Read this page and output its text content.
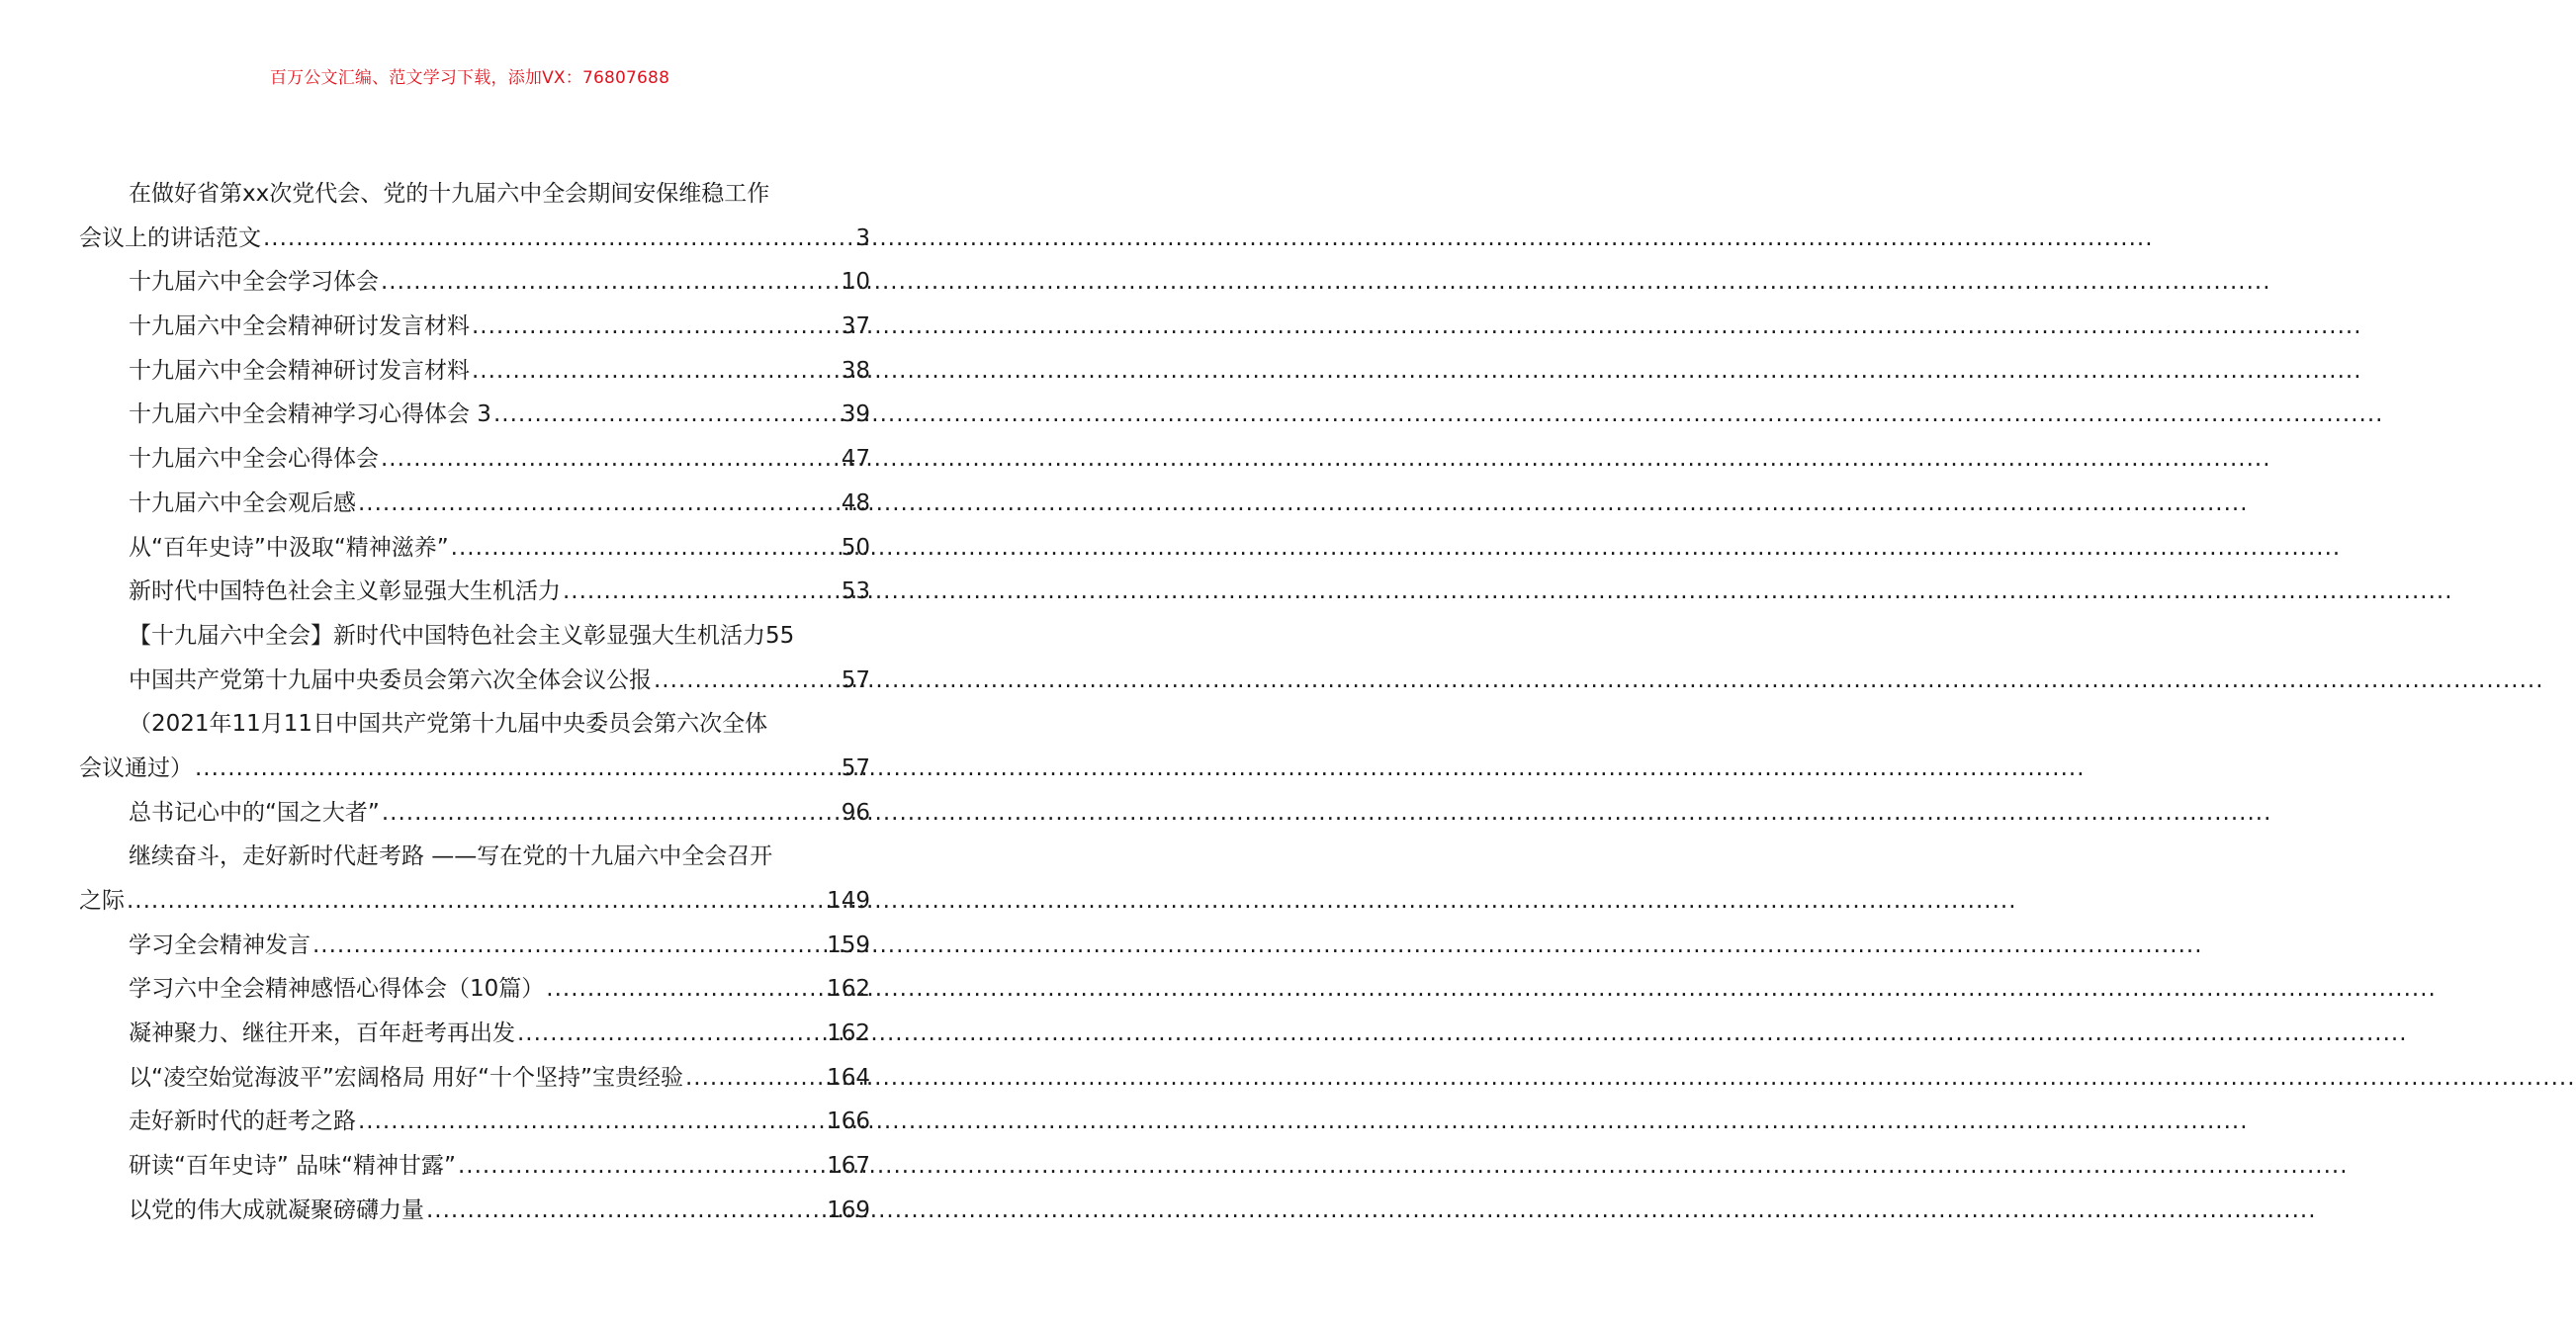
百万公文汇编、范文学习下载，添加VX：76807688
在做好省第xx次党代会、党的十九届六中全会期间安保维稳工作
会议上的讲话范文 .....	3
十九届六中全会学习体会 .....	10
十九届六中全会精神研讨发言材料 .....	37
十九届六中全会精神研讨发言材料 .....	38
十九届六中全会精神学习心得体会 3 .....	39
十九届六中全会心得体会 .....	47
十九届六中全会观后感 .....	48
从“百年史诗”中汲取“精神滋养” .....	50
新时代中国特色社会主义彰显强大生机活力 .....	53
【十九届六中全会】新时代中国特色社会主义彰显强大生机活力55
中国共产党第十九届中央委员会第六次全体会议公报 .....	57
（2021年11月11日中国共产党第十九届中央委员会第六次全体
会议通过） .....	57
总书记心中的“国之大者” .....	96
继续奋斗，走好新时代赶考路 ——写在党的十九届六中全会召开
之际 .....	149
学习全会精神发言 .....	159
学习六中全会精神感悟心得体会（10篇） .....	162
凝神聚力、继往开来，百年赶考再出发 .....	162
以“凌空始觉海波平”宏阔格局 用好“十个坚持”宝贵经验 .....	164
走好新时代的赶考之路 .....	166
研读“百年史诗” 品味“精神甘露” .....	167
以党的伟大成就凝聚磅礴力量 .....	169
